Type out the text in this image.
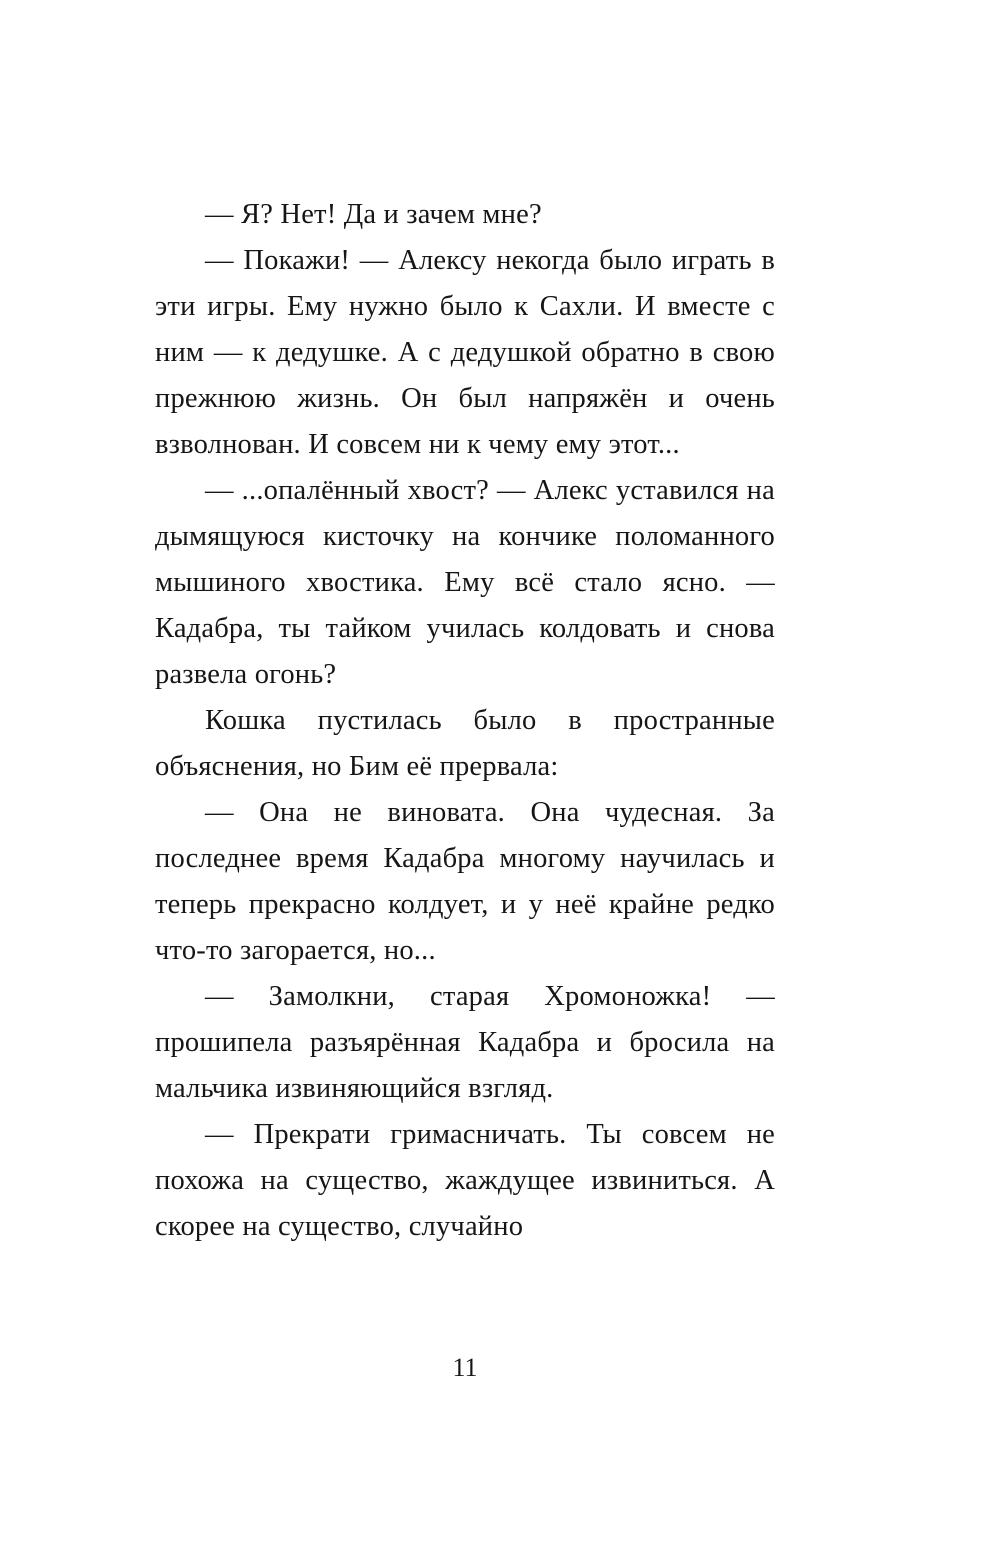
— Я? Нет! Да и зачем мне?

— Покажи! — Алексу некогда было играть в эти игры. Ему нужно было к Сахли. И вместе с ним — к дедушке. А с дедушкой обратно в свою прежнюю жизнь. Он был напряжён и очень взволнован. И совсем ни к чему ему этот...

— ...опалённый хвост? — Алекс уставился на дымящуюся кисточку на кончике поломанного мышиного хвостика. Ему всё стало ясно. — Кадабра, ты тайком училась колдовать и снова развела огонь?

Кошка пустилась было в пространные объяснения, но Бим её прервала:

— Она не виновата. Она чудесная. За последнее время Кадабра многому научилась и теперь прекрасно колдует, и у неё крайне редко что-то загорается, но...

— Замолкни, старая Хромоножка! — прошипела разъярённая Кадабра и бросила на мальчика извиняющийся взгляд.

— Прекрати гримасничать. Ты совсем не похожа на существо, жаждущее извиниться. А скорее на существо, случайно

11
